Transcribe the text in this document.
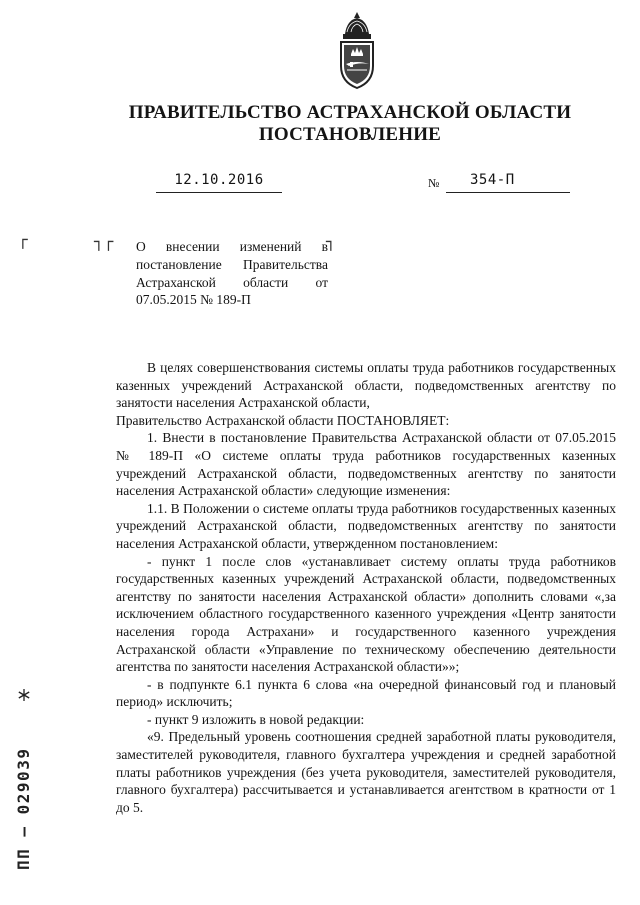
ПРАВИТЕЛЬСТВО АСТРАХАНСКОЙ ОБЛАСТИ
ПОСТАНОВЛЕНИЕ
12.10.2016	№ 354-П
┌	┐┌	┐

О внесении изменений в постановление Правительства Астраханской области от 07.05.2015 № 189-П

В целях совершенствования системы оплаты труда работников государственных казенных учреждений Астраханской области, подведомственных агентству по занятости населения Астраханской области,

Правительство Астраханской области ПОСТАНОВЛЯЕТ:

1. Внести в постановление Правительства Астраханской области от 07.05.2015 № 189-П «О системе оплаты труда работников государственных казенных учреждений Астраханской области, подведомственных агентству по занятости населения Астраханской области» следующие изменения:

1.1. В Положении о системе оплаты труда работников государственных казенных учреждений Астраханской области, подведомственных агентству по занятости населения Астраханской области, утвержденном постановлением:

- пункт 1 после слов «устанавливает систему оплаты труда работников государственных казенных учреждений Астраханской области, подведомственных агентству по занятости населения Астраханской области» дополнить словами «,за исключением областного государственного казенного учреждения «Центр занятости населения города Астрахани» и государственного казенного учреждения Астраханской области «Управление по техническому обеспечению деятельности агентства по занятости населения Астраханской области»»;

- в подпункте 6.1 пункта 6 слова «на очередной финансовый год и плановый период» исключить;

- пункт 9 изложить в новой редакции:

«9. Предельный уровень соотношения средней заработной платы руководителя, заместителей руководителя, главного бухгалтера учреждения и средней заработной платы работников учреждения (без учета руководителя, заместителей руководителя, главного бухгалтера) рассчитывается и устанавливается агентством в кратности от 1 до 5.

ПП – 029039
